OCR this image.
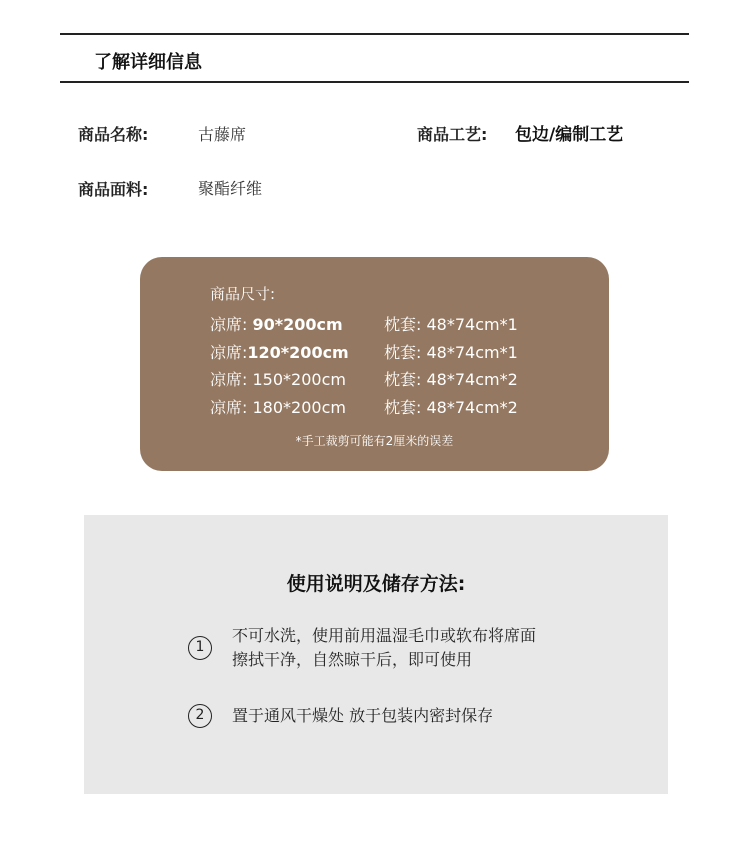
了解详细信息
商品名称:	古藤席	商品工艺: 包边/编制工艺
商品面料:	聚酯纤维
商品尺寸:
凉席: 90*200cm	枕套: 48*74cm*1
凉席:120*200cm 枕套: 48*74cm*1
凉席: 150*200cm 枕套: 48*74cm*2
凉席: 180*200cm 枕套: 48*74cm*2
*手工裁剪可能有2厘米的误差
使用说明及储存方法:
1
不可水洗，使用前用温湿毛巾或软布将席面
擦拭干净，自然晾干后，即可使用
2	置于通风干燥处 放于包装内密封保存
